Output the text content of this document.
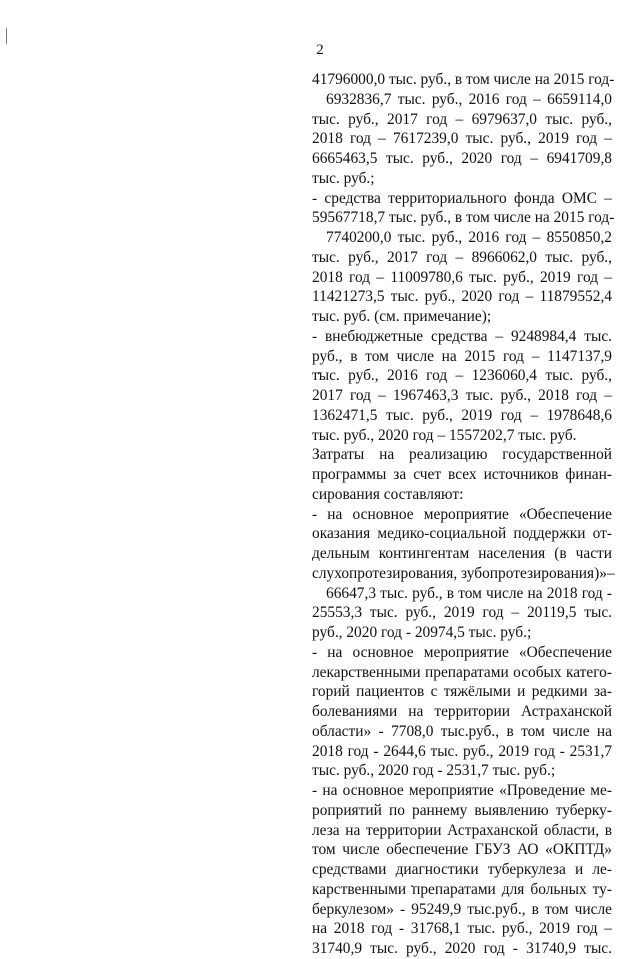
2

41796000,0 тыс. руб., в том числе на 2015 год-

6932836,7 тыс. руб., 2016 год – 6659114,0

тыс. руб., 2017 год – 6979637,0 тыс. руб.,

2018 год – 7617239,0 тыс. руб., 2019 год –

6665463,5 тыс. руб., 2020 год – 6941709,8

тыс. руб.;

- средства территориального фонда ОМС –

59567718,7 тыс. руб., в том числе на 2015 год-

7740200,0 тыс. руб., 2016 год – 8550850,2

тыс. руб., 2017 год – 8966062,0 тыс. руб.,

2018 год – 11009780,6 тыс. руб., 2019 год –

11421273,5 тыс. руб., 2020 год – 11879552,4

тыс. руб. (см. примечание);

- внебюджетные средства – 9248984,4 тыс.

руб., в том числе на 2015 год – 1147137,9

тыс. руб., 2016 год – 1236060,4 тыс. руб.,

2017 год – 1967463,3 тыс. руб., 2018 год –

1362471,5 тыс. руб., 2019 год – 1978648,6

тыс. руб., 2020 год – 1557202,7 тыс. руб.

Затраты на реализацию государственной

программы за счет всех источников финан-

сирования составляют:

- на основное мероприятие «Обеспечение

оказания медико-социальной поддержки от-

дельным контингентам населения (в части

слухопротезирования, зубопротезирования)»–

66647,3 тыс. руб., в том числе на 2018 год -

25553,3 тыс. руб., 2019 год – 20119,5 тыс.

руб., 2020 год - 20974,5 тыс. руб.;

- на основное мероприятие «Обеспечение

лекарственными препаратами особых катего-

горий пациентов с тяжёлыми и редкими за-

болеваниями на территории Астраханской

области» - 7708,0 тыс.руб., в том числе на

2018 год - 2644,6 тыс. руб., 2019 год - 2531,7

тыс. руб., 2020 год - 2531,7 тыс. руб.;

- на основное мероприятие «Проведение ме-

роприятий по раннему выявлению туберку-

леза на территории Астраханской области, в

том числе обеспечение ГБУЗ АО «ОКПТД»

средствами диагностики туберкулеза и ле-

карственными препаратами для больных ту-

беркулезом» - 95249,9 тыс.руб., в том числе

на 2018 год - 31768,1 тыс. руб., 2019 год –

31740,9 тыс. руб., 2020 год - 31740,9 тыс.
